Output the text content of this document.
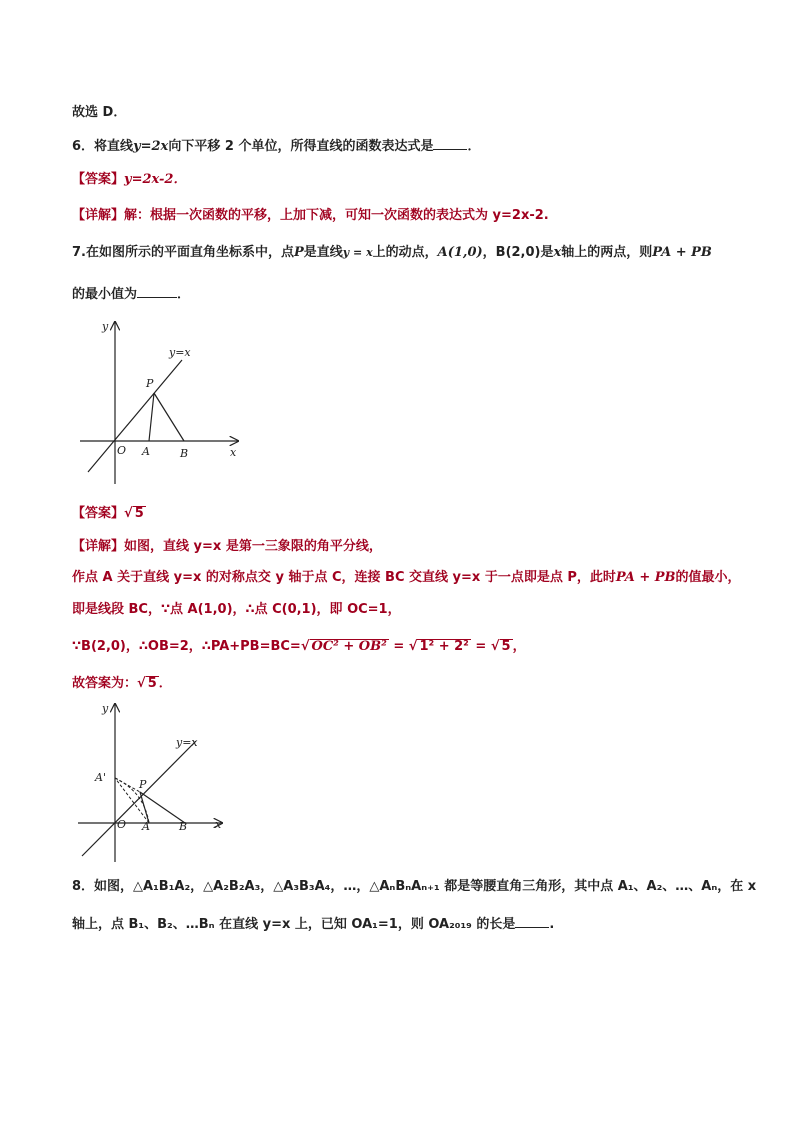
故选 D．
6．将直线y=2x向下平移 2 个单位，所得直线的函数表达式是	．
【答案】y=2x-2．
【详解】解：根据一次函数的平移，上加下减，可知一次函数的表达式为 y=2x-2.
7.在如图所示的平面直角坐标系中，点P是直线y = x上的动点，A(1,0)，B(2,0)是x轴上的两点，则PA + PB
的最小值为	．
y
x
O A	B
P
y=x
【答案】√ 5
【详解】如图，直线 y=x 是第一三象限的角平分线，
作点 A 关于直线 y=x 的对称点交 y 轴于点 C，连接 BC 交直线 y=x 于一点即是点 P，此时PA + PB的值最小，
即是线段 BC，∵点 A(1,0)，∴点 C(0,1)，即 OC=1，
∵B(2,0)，∴OB=2，∴PA+PB=BC=√ OC² + OB² = √ 1² + 2² = √ 5 ，
故答案为：√ 5 ．
y
x
O A	B
P
A'
y=x
8．如图，△A₁B₁A₂，△A₂B₂A₃，△A₃B₃A₄，…，△AₙBₙAₙ₊₁ 都是等腰直角三角形，其中点 A₁、A₂、…、Aₙ，在 x
轴上，点 B₁、B₂、…Bₙ 在直线 y=x 上，已知 OA₁=1，则 OA₂₀₁₉ 的长是	.
